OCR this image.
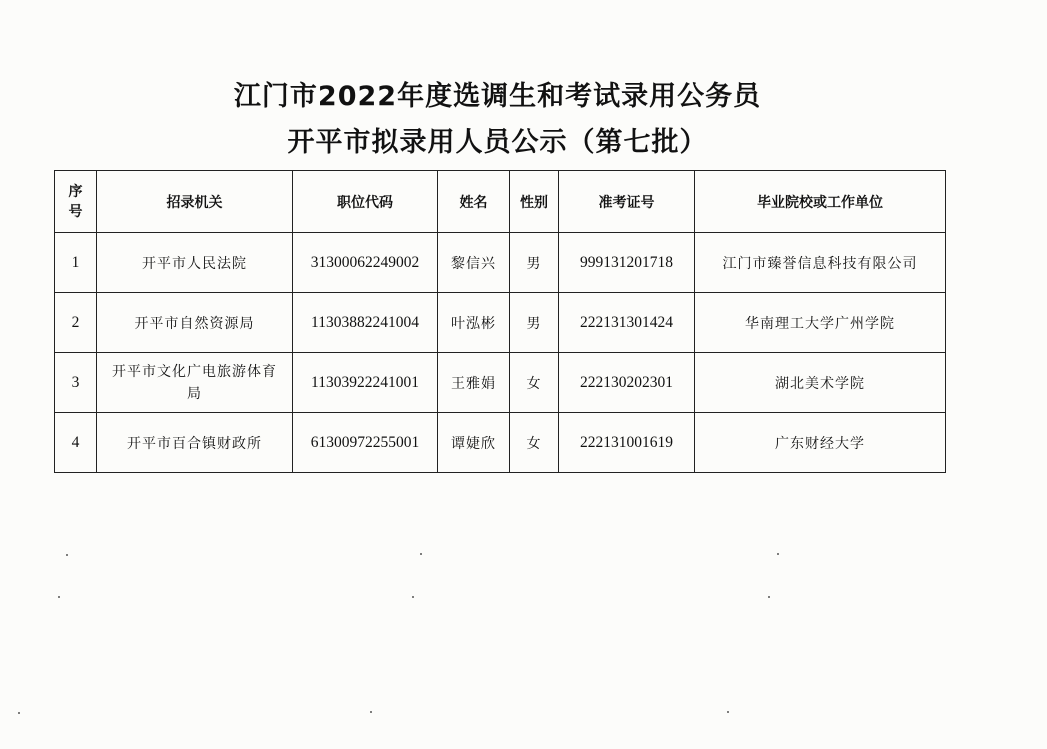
江门市2022年度选调生和考试录用公务员
开平市拟录用人员公示（第七批）
序号	招录机关	职位代码	姓名	性别	准考证号	毕业院校或工作单位
1	开平市人民法院	31300062249002	黎信兴	男	999131201718	江门市臻誉信息科技有限公司
2	开平市自然资源局	11303882241004	叶泓彬	男	222131301424	华南理工大学广州学院
3	开平市文化广电旅游体育局	11303922241001	王雅娟	女	222130202301	湖北美术学院
4	开平市百合镇财政所	61300972255001	谭婕欣	女	222131001619	广东财经大学
